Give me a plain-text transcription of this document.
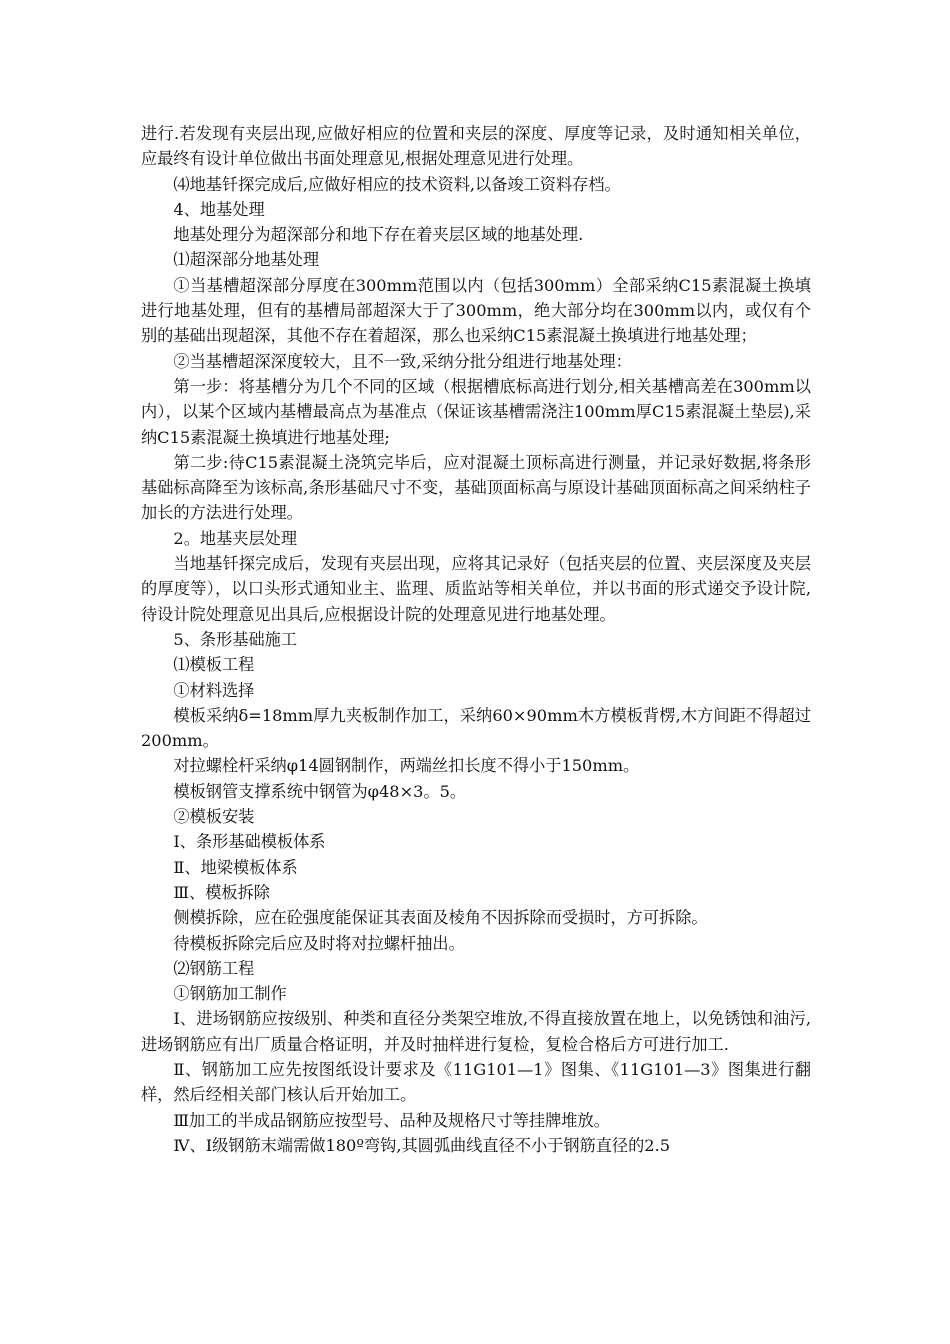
进行.若发现有夹层出现,应做好相应的位置和夹层的深度、厚度等记录，及时通知相关单位，应最终有设计单位做出书面处理意见,根据处理意见进行处理。

⑷地基钎探完成后,应做好相应的技术资料,以备竣工资料存档。

4、地基处理

地基处理分为超深部分和地下存在着夹层区域的地基处理.

⑴超深部分地基处理

①当基槽超深部分厚度在300mm范围以内（包括300mm）全部采纳C15素混凝土换填进行地基处理，但有的基槽局部超深大于了300mm，绝大部分均在300mm以内，或仅有个别的基础出现超深，其他不存在着超深，那么也采纳C15素混凝土换填进行地基处理；

②当基槽超深深度较大，且不一致,采纳分批分组进行地基处理：

第一步：将基槽分为几个不同的区域（根据槽底标高进行划分,相关基槽高差在300mm以内），以某个区域内基槽最高点为基准点（保证该基槽需浇注100mm厚C15素混凝土垫层),采纳C15素混凝土换填进行地基处理;

第二步:待C15素混凝土浇筑完毕后，应对混凝土顶标高进行测量，并记录好数据,将条形基础标高降至为该标高,条形基础尺寸不变，基础顶面标高与原设计基础顶面标高之间采纳柱子加长的方法进行处理。

2。地基夹层处理

当地基钎探完成后，发现有夹层出现，应将其记录好（包括夹层的位置、夹层深度及夹层的厚度等），以口头形式通知业主、监理、质监站等相关单位，并以书面的形式递交予设计院,待设计院处理意见出具后,应根据设计院的处理意见进行地基处理。

5、条形基础施工

⑴模板工程

①材料选择

模板采纳δ=18mm厚九夹板制作加工，采纳60×90mm木方模板背楞,木方间距不得超过200mm。

对拉螺栓杆采纳φ14圆钢制作，两端丝扣长度不得小于150mm。

模板钢管支撑系统中钢管为φ48×3。5。

②模板安装

Ⅰ、条形基础模板体系

Ⅱ、地梁模板体系

Ⅲ、模板拆除

侧模拆除，应在砼强度能保证其表面及棱角不因拆除而受损时，方可拆除。

待模板拆除完后应及时将对拉螺杆抽出。

⑵钢筋工程

①钢筋加工制作

Ⅰ、进场钢筋应按级别、种类和直径分类架空堆放,不得直接放置在地上，以免锈蚀和油污,进场钢筋应有出厂质量合格证明，并及时抽样进行复检，复检合格后方可进行加工.

Ⅱ、钢筋加工应先按图纸设计要求及《11G101—1》图集、《11G101—3》图集进行翻样，然后经相关部门核认后开始加工。

Ⅲ加工的半成品钢筋应按型号、品种及规格尺寸等挂牌堆放。

Ⅳ、Ⅰ级钢筋末端需做180º弯钩,其圆弧曲线直径不小于钢筋直径的2.5
